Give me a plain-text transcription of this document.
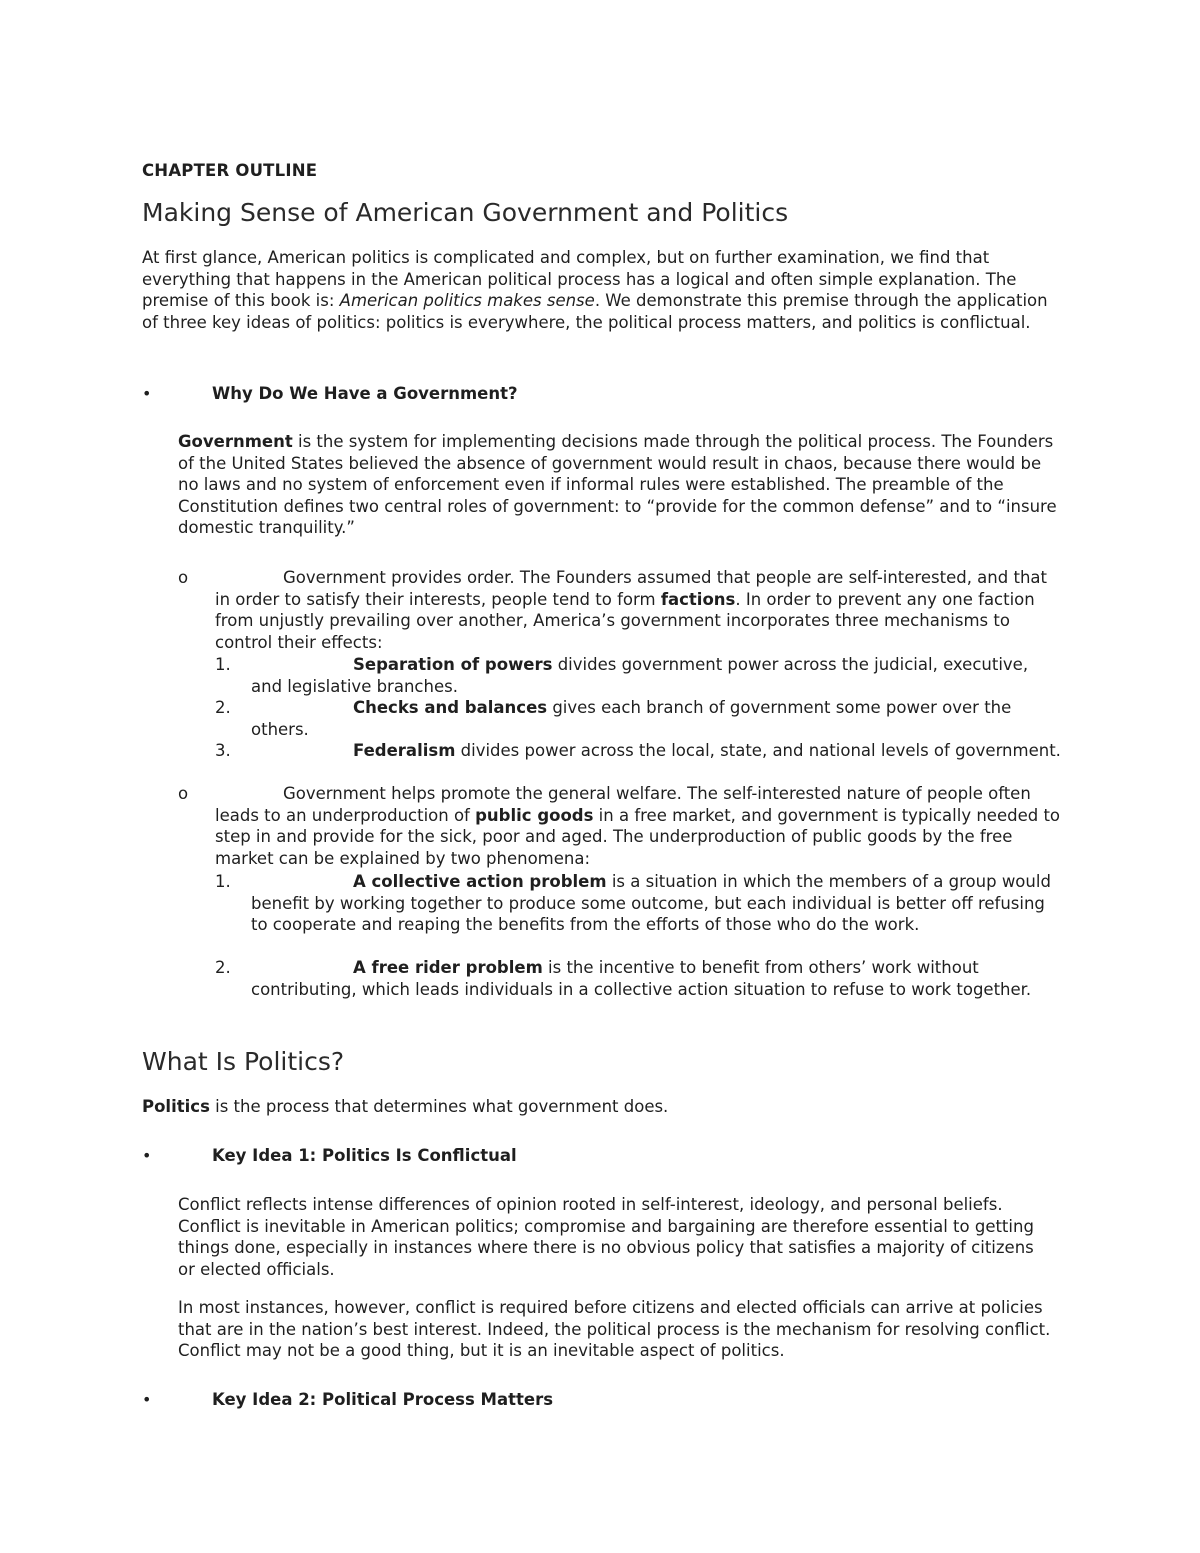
CHAPTER OUTLINE
Making Sense of American Government and Politics

At first glance, American politics is complicated and complex, but on further examination, we find that everything that happens in the American political process has a logical and often simple explanation. The premise of this book is: American politics makes sense. We demonstrate this premise through the application of three key ideas of politics: politics is everywhere, the political process matters, and politics is conflictual.

•	Why Do We Have a Government?

Government is the system for implementing decisions made through the political process. The Founders of the United States believed the absence of government would result in chaos, because there would be no laws and no system of enforcement even if informal rules were established. The preamble of the Constitution defines two central roles of government: to “provide for the common defense” and to “insure domestic tranquility.”

o	Government provides order. The Founders assumed that people are self-interested, and that in order to satisfy their interests, people tend to form factions. In order to prevent any one faction from unjustly prevailing over another, America’s government incorporates three mechanisms to control their effects:

1.	Separation of powers divides government power across the judicial, executive, and legislative branches.

2.	Checks and balances gives each branch of government some power over the others.

3.	Federalism divides power across the local, state, and national levels of government.

o	Government helps promote the general welfare. The self-interested nature of people often leads to an underproduction of public goods in a free market, and government is typically needed to step in and provide for the sick, poor and aged. The underproduction of public goods by the free market can be explained by two phenomena:

1.	A collective action problem is a situation in which the members of a group would benefit by working together to produce some outcome, but each individual is better off refusing to cooperate and reaping the benefits from the efforts of those who do the work.

2.	A free rider problem is the incentive to benefit from others’ work without contributing, which leads individuals in a collective action situation to refuse to work together.

What Is Politics?

Politics is the process that determines what government does.

•	Key Idea 1: Politics Is Conflictual

Conflict reflects intense differences of opinion rooted in self-interest, ideology, and personal beliefs. Conflict is inevitable in American politics; compromise and bargaining are therefore essential to getting things done, especially in instances where there is no obvious policy that satisfies a majority of citizens or elected officials.

In most instances, however, conflict is required before citizens and elected officials can arrive at policies that are in the nation’s best interest. Indeed, the political process is the mechanism for resolving conflict. Conflict may not be a good thing, but it is an inevitable aspect of politics.

•	Key Idea 2: Political Process Matters
